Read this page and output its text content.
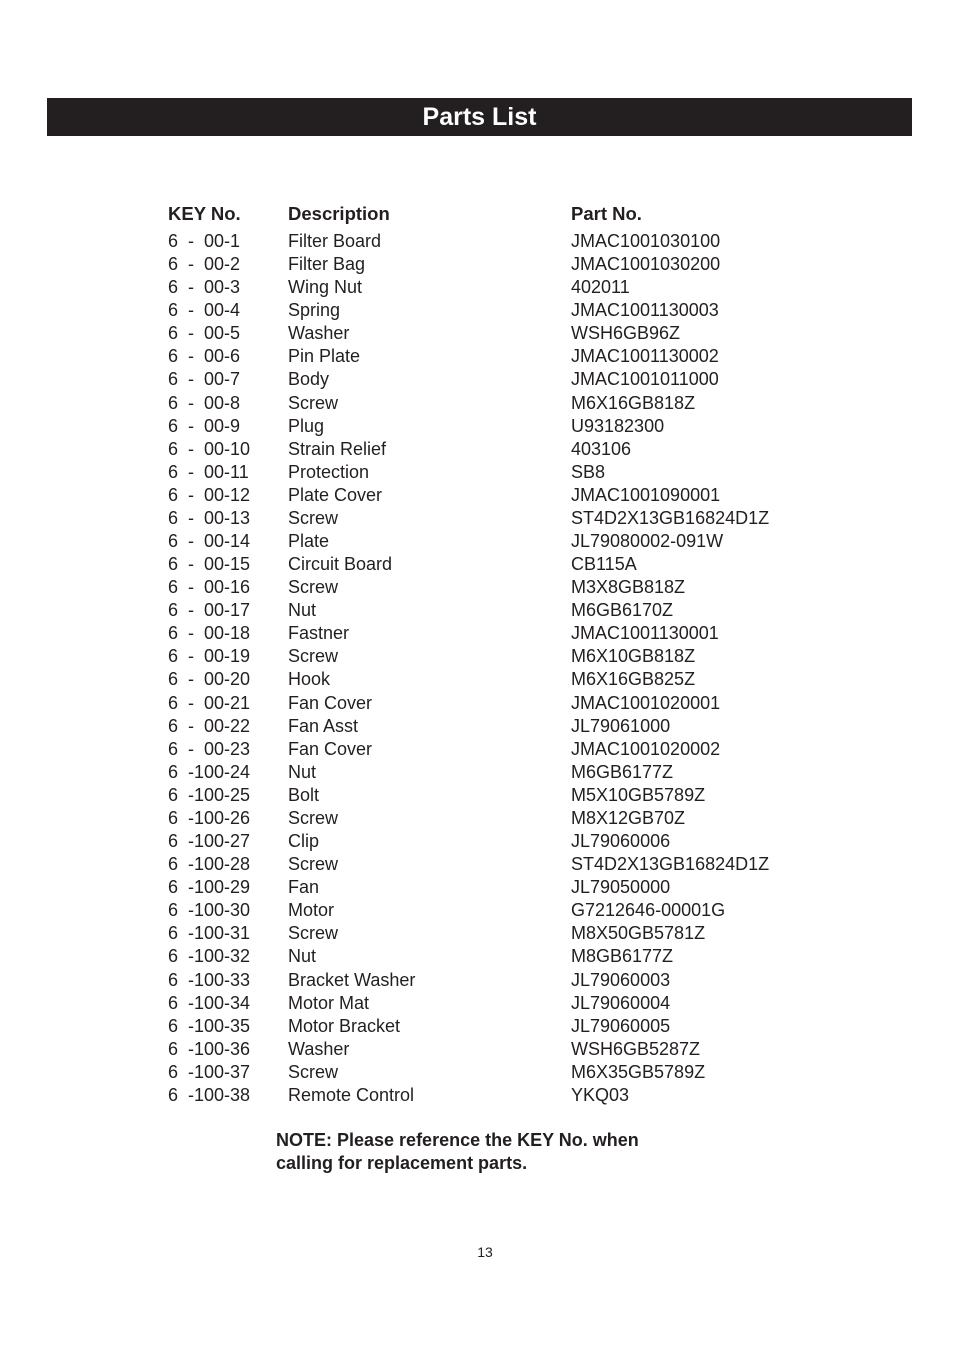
Parts List
KEY No.	Description	Part No.
6  -  00-1	Filter Board	JMAC1001030100
6  -  00-2	Filter Bag	JMAC1001030200
6  -  00-3	Wing Nut	402011
6  -  00-4	Spring	JMAC1001130003
6  -  00-5	Washer	WSH6GB96Z
6  -  00-6	Pin Plate	JMAC1001130002
6  -  00-7	Body	JMAC1001011000
6  -  00-8	Screw	M6X16GB818Z
6  -  00-9	Plug	U93182300
6  -  00-10 Strain Relief	403106
6  -  00-11 Protection	SB8
6  -  00-12 Plate Cover	JMAC1001090001
6  -  00-13 Screw	ST4D2X13GB16824D1Z
6  -  00-14 Plate	JL79080002-091W
6  -  00-15 Circuit Board	CB115A
6  -  00-16 Screw	M3X8GB818Z
6  -  00-17 Nut	M6GB6170Z
6  -  00-18 Fastner	JMAC1001130001
6  -  00-19 Screw	M6X10GB818Z
6  -  00-20 Hook	M6X16GB825Z
6  -  00-21 Fan Cover	JMAC1001020001
6  -  00-22 Fan Asst	JL79061000
6  -  00-23 Fan Cover	JMAC1001020002
6  -100-24 Nut	M6GB6177Z
6  -100-25 Bolt	M5X10GB5789Z
6  -100-26 Screw	M8X12GB70Z
6  -100-27 Clip	JL79060006
6  -100-28 Screw	ST4D2X13GB16824D1Z
6  -100-29 Fan	JL79050000
6  -100-30 Motor	G7212646-00001G
6  -100-31 Screw	M8X50GB5781Z
6  -100-32 Nut	M8GB6177Z
6  -100-33 Bracket Washer	JL79060003
6  -100-34 Motor Mat	JL79060004
6  -100-35 Motor Bracket	JL79060005
6  -100-36 Washer	WSH6GB5287Z
6  -100-37 Screw	M6X35GB5789Z
6  -100-38 Remote Control	YKQ03
NOTE: Please reference the KEY No. when
calling for replacement parts.
13
